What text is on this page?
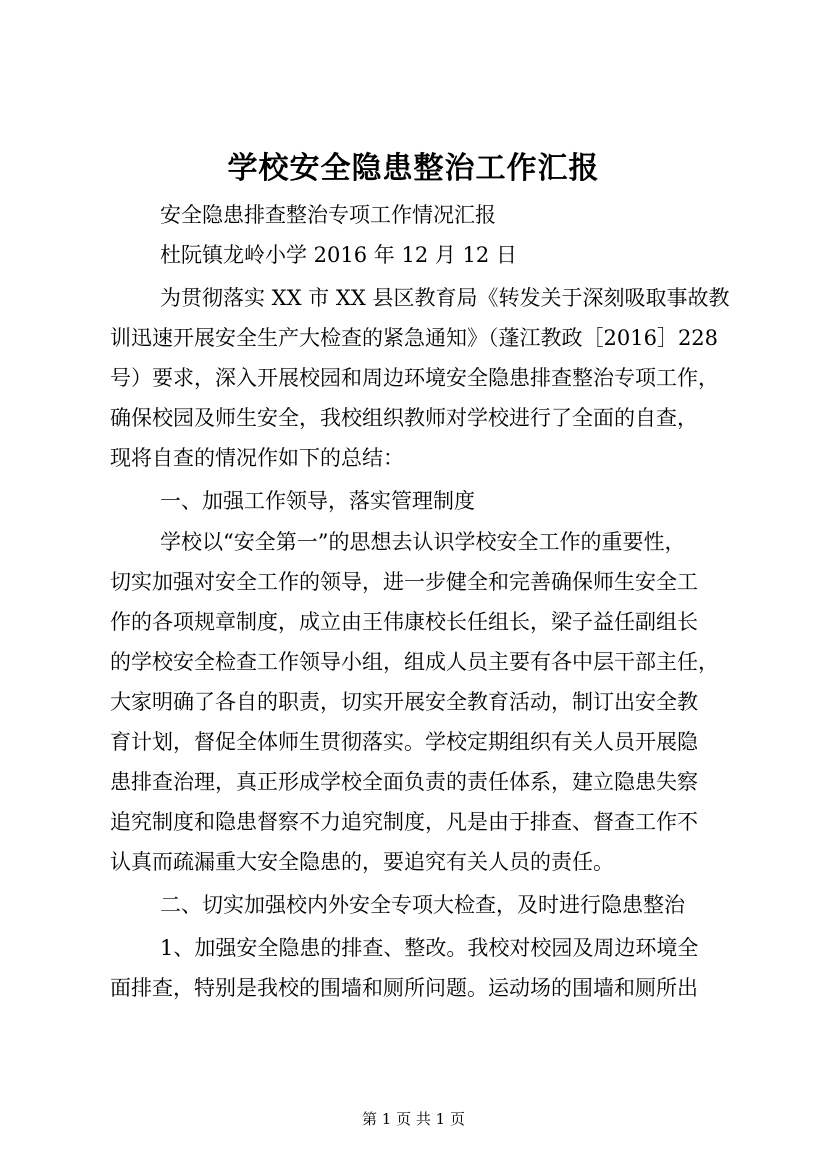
学校安全隐患整治工作汇报
安全隐患排查整治专项工作情况汇报
杜阮镇龙岭小学 2016 年 12 月 12 日
为贯彻落实 XX 市 XX 县区教育局《转发关于深刻吸取事故教
训迅速开展安全生产大检查的紧急通知》（蓬江教政［2016］228
号）要求，深入开展校园和周边环境安全隐患排查整治专项工作，
确保校园及师生安全，我校组织教师对学校进行了全面的自查，
现将自查的情况作如下的总结：
一、加强工作领导，落实管理制度
学校以“安全第一”的思想去认识学校安全工作的重要性，
切实加强对安全工作的领导，进一步健全和完善确保师生安全工
作的各项规章制度，成立由王伟康校长任组长，梁子益任副组长
的学校安全检查工作领导小组，组成人员主要有各中层干部主任，
大家明确了各自的职责，切实开展安全教育活动，制订出安全教
育计划，督促全体师生贯彻落实。学校定期组织有关人员开展隐
患排查治理，真正形成学校全面负责的责任体系，建立隐患失察
追究制度和隐患督察不力追究制度，凡是由于排查、督查工作不
认真而疏漏重大安全隐患的，要追究有关人员的责任。
二、切实加强校内外安全专项大检查，及时进行隐患整治
1、加强安全隐患的排查、整改。我校对校园及周边环境全
面排查，特别是我校的围墙和厕所问题。运动场的围墙和厕所出
第 1 页 共 1 页
